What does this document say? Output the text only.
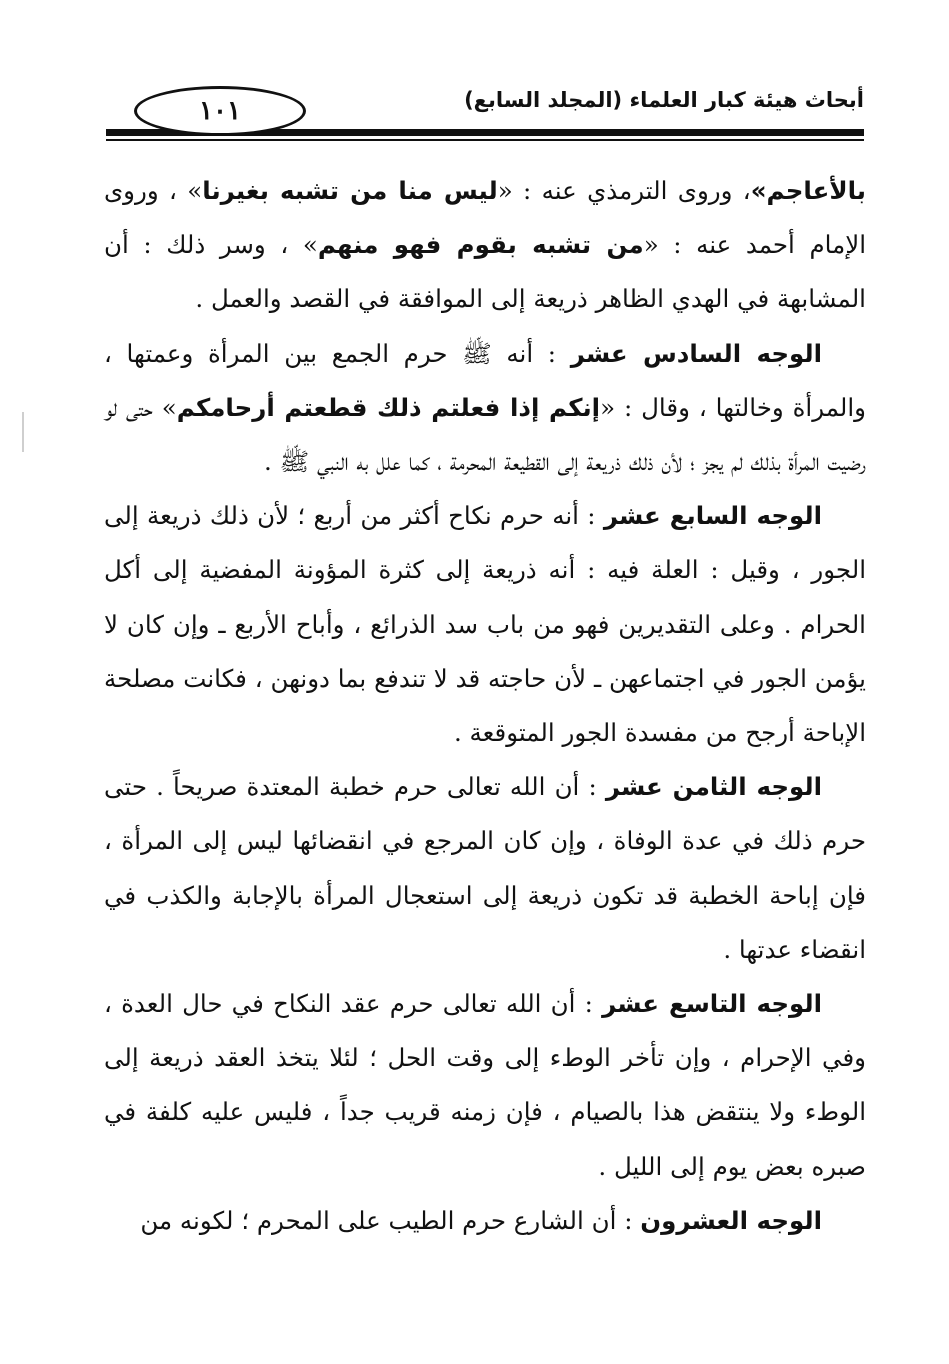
١٠١	أبحاث هيئة كبار العلماء (المجلد السابع)

بالأعاجم»، وروى الترمذي عنه : «ليس منا من تشبه بغيرنا» ، وروى الإمام أحمد عنه : «من تشبه بقوم فهو منهم» ، وسر ذلك : أن المشابهة في الهدي الظاهر ذريعة إلى الموافقة في القصد والعمل .

الوجه السادس عشر : أنه ﷺ حرم الجمع بين المرأة وعمتها ، والمرأة وخالتها ، وقال : «إنكم إذا فعلتم ذلك قطعتم أرحامكم» حتى لو رضيت المرأة بذلك لم يجز ؛ لأن ذلك ذريعة إلى القطيعة المحرمة ، كما علل به النبي ﷺ .

الوجه السابع عشر : أنه حرم نكاح أكثر من أربع ؛ لأن ذلك ذريعة إلى الجور ، وقيل : العلة فيه : أنه ذريعة إلى كثرة المؤونة المفضية إلى أكل الحرام . وعلى التقديرين فهو من باب سد الذرائع ، وأباح الأربع ـ وإن كان لا يؤمن الجور في اجتماعهن ـ لأن حاجته قد لا تندفع بما دونهن ، فكانت مصلحة الإباحة أرجح من مفسدة الجور المتوقعة .

الوجه الثامن عشر : أن الله تعالى حرم خطبة المعتدة صريحاً . حتى حرم ذلك في عدة الوفاة ، وإن كان المرجع في انقضائها ليس إلى المرأة ، فإن إباحة الخطبة قد تكون ذريعة إلى استعجال المرأة بالإجابة والكذب في انقضاء عدتها .

الوجه التاسع عشر : أن الله تعالى حرم عقد النكاح في حال العدة ، وفي الإحرام ، وإن تأخر الوطء إلى وقت الحل ؛ لئلا يتخذ العقد ذريعة إلى الوطء ولا ينتقض هذا بالصيام ، فإن زمنه قريب جداً ، فليس عليه كلفة في صبره بعض يوم إلى الليل .

الوجه العشرون : أن الشارع حرم الطيب على المحرم ؛ لكونه من
